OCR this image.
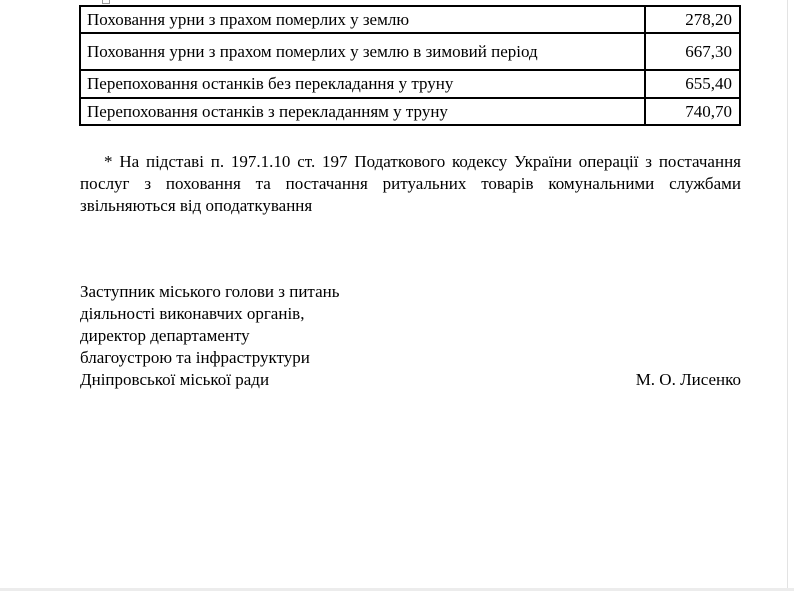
Поховання урни з прахом померлих у землю	278,20
Поховання урни з прахом померлих у землю в зимовий період	667,30
Перепоховання останків без перекладання у труну	655,40
Перепоховання останків з перекладанням у труну	740,70

* На підставі п. 197.1.10 ст. 197 Податкового кодексу України операції з постачання послуг з поховання та постачання ритуальних товарів комунальними службами звільняються від оподаткування

Заступник міського голови з питань
діяльності виконавчих органів,
директор департаменту
благоустрою та інфраструктури
Дніпровської міської ради	М. О. Лисенко
